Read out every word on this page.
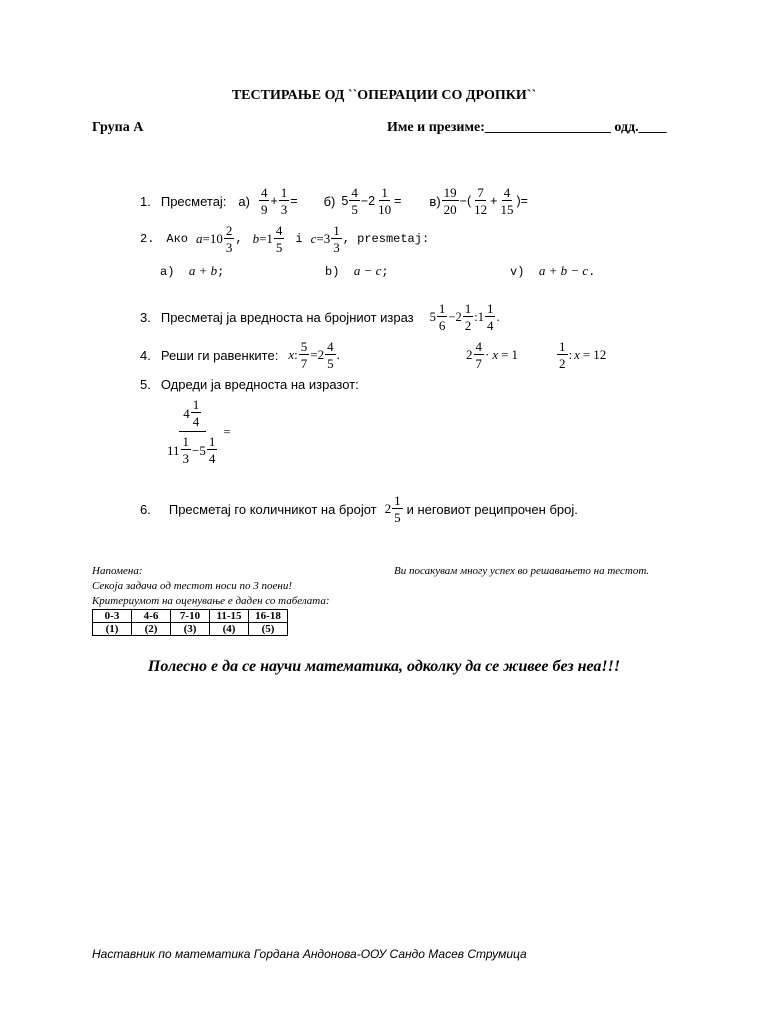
ТЕСТИРАЊЕ ОД ``ОПЕРАЦИИ СО ДРОПКИ``
Група А	Име и презиме:__________________ одд.____
1. Пресметај: $а) \frac{4}{9} + \frac{1}{3} = б$) $5 \frac{4}{5} - 2 \frac{1}{10} = в) \frac{19}{20}$ − ( $\frac{7}{12} + \frac{4}{15}$ ) =
2. Ако $a = 10 \frac{2}{3}$ , $b = 1 \frac{4}{5}$ i $c = 3 \frac{1}{3}$ , presmetaj:
а) a + b;	b) a − c;	v) a + b − c.
3. Пресметај ја вредноста на бројниот израз $5 \frac{1}{6} - 2 \frac{1}{2}$ : $1 \frac{1}{4}$ .
4. Реши ги равенките: x : $\frac{5}{7} = 2 \frac{4}{5}$ .	$2 \frac{4}{7} \cdot x = 1$	$\frac{1}{2}$ : x = 12
5. Одреди ја вредноста на изразот:
$\frac{4 \frac{1}{4}}{11 \frac{1}{3} - 5 \frac{1}{4}}$ =
6. Пресметај го количникот на бројот $2 \frac{1}{5}$ и неговиот реципрочен број.
Напомена:	Ви посакувам многу успех во решавањето на тестот.
Секоја задача од тестот носи по 3 поени!
Критериумот на оценување е даден со табелата:
0-3	4-6	7-10	11-15	16-18
(1)	(2)	(3)	(4)	(5)
Полесно е да се научи математика, одколку да се живее без неа!!!
Наставник по математика Гордана Андонова-ООУ Сандо Масев Струмица
